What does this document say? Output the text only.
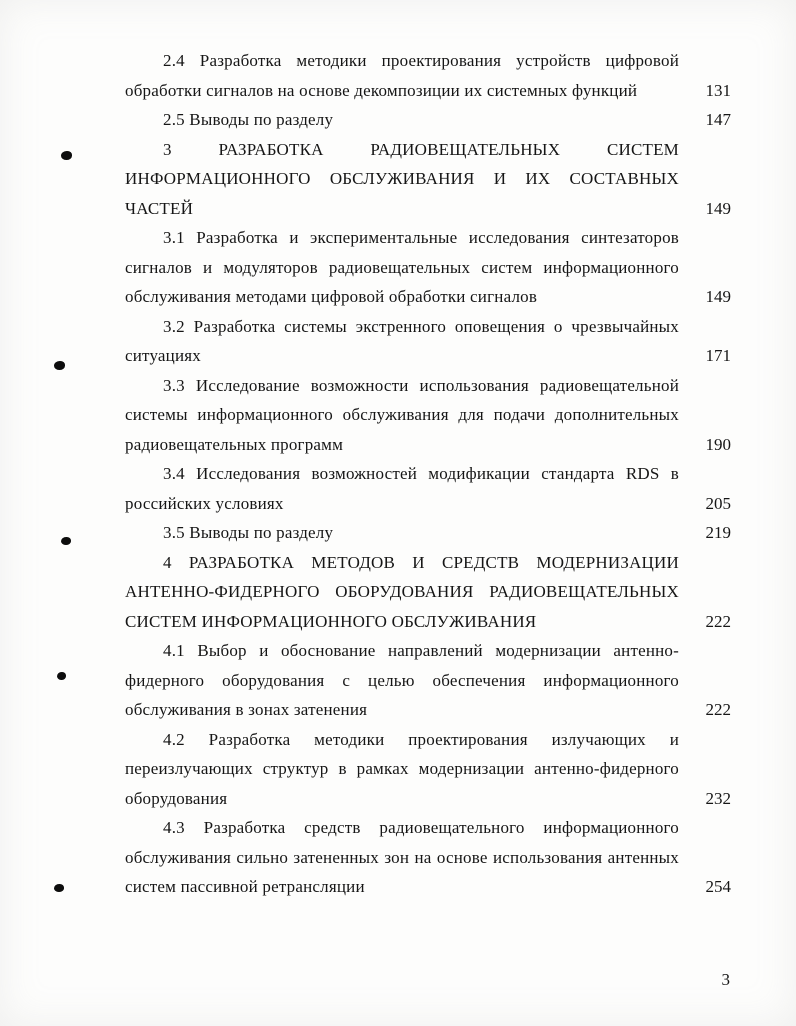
2.4 Разработка методики проектирования устройств цифровой обработки сигналов на основе декомпозиции их системных функций	131

2.5 Выводы по разделу	147

3 РАЗРАБОТКА РАДИОВЕЩАТЕЛЬНЫХ СИСТЕМ ИНФОРМАЦИОННОГО ОБСЛУЖИВАНИЯ И ИХ СОСТАВНЫХ ЧАСТЕЙ	149

3.1 Разработка и экспериментальные исследования синтезаторов сигналов и модуляторов радиовещательных систем информационного обслуживания методами цифровой обработки сигналов	149

3.2 Разработка системы экстренного оповещения о чрезвычайных ситуациях	171

3.3 Исследование возможности использования радиовещательной системы информационного обслуживания для подачи дополнительных радиовещательных программ	190

3.4 Исследования возможностей модификации стандарта RDS в российских условиях	205

3.5 Выводы по разделу	219

4 РАЗРАБОТКА МЕТОДОВ И СРЕДСТВ МОДЕРНИЗАЦИИ АНТЕННО-ФИДЕРНОГО ОБОРУДОВАНИЯ РАДИОВЕЩАТЕЛЬНЫХ СИСТЕМ ИНФОРМАЦИОННОГО ОБСЛУЖИВАНИЯ	222

4.1 Выбор и обоснование направлений модернизации антенно-фидерного оборудования с целью обеспечения информационного обслуживания в зонах затенения	222

4.2 Разработка методики проектирования излучающих и переизлучающих структур в рамках модернизации антенно-фидерного оборудования	232

4.3 Разработка средств радиовещательного информационного обслуживания сильно затененных зон на основе использования антенных систем пассивной ретрансляции	254
3
